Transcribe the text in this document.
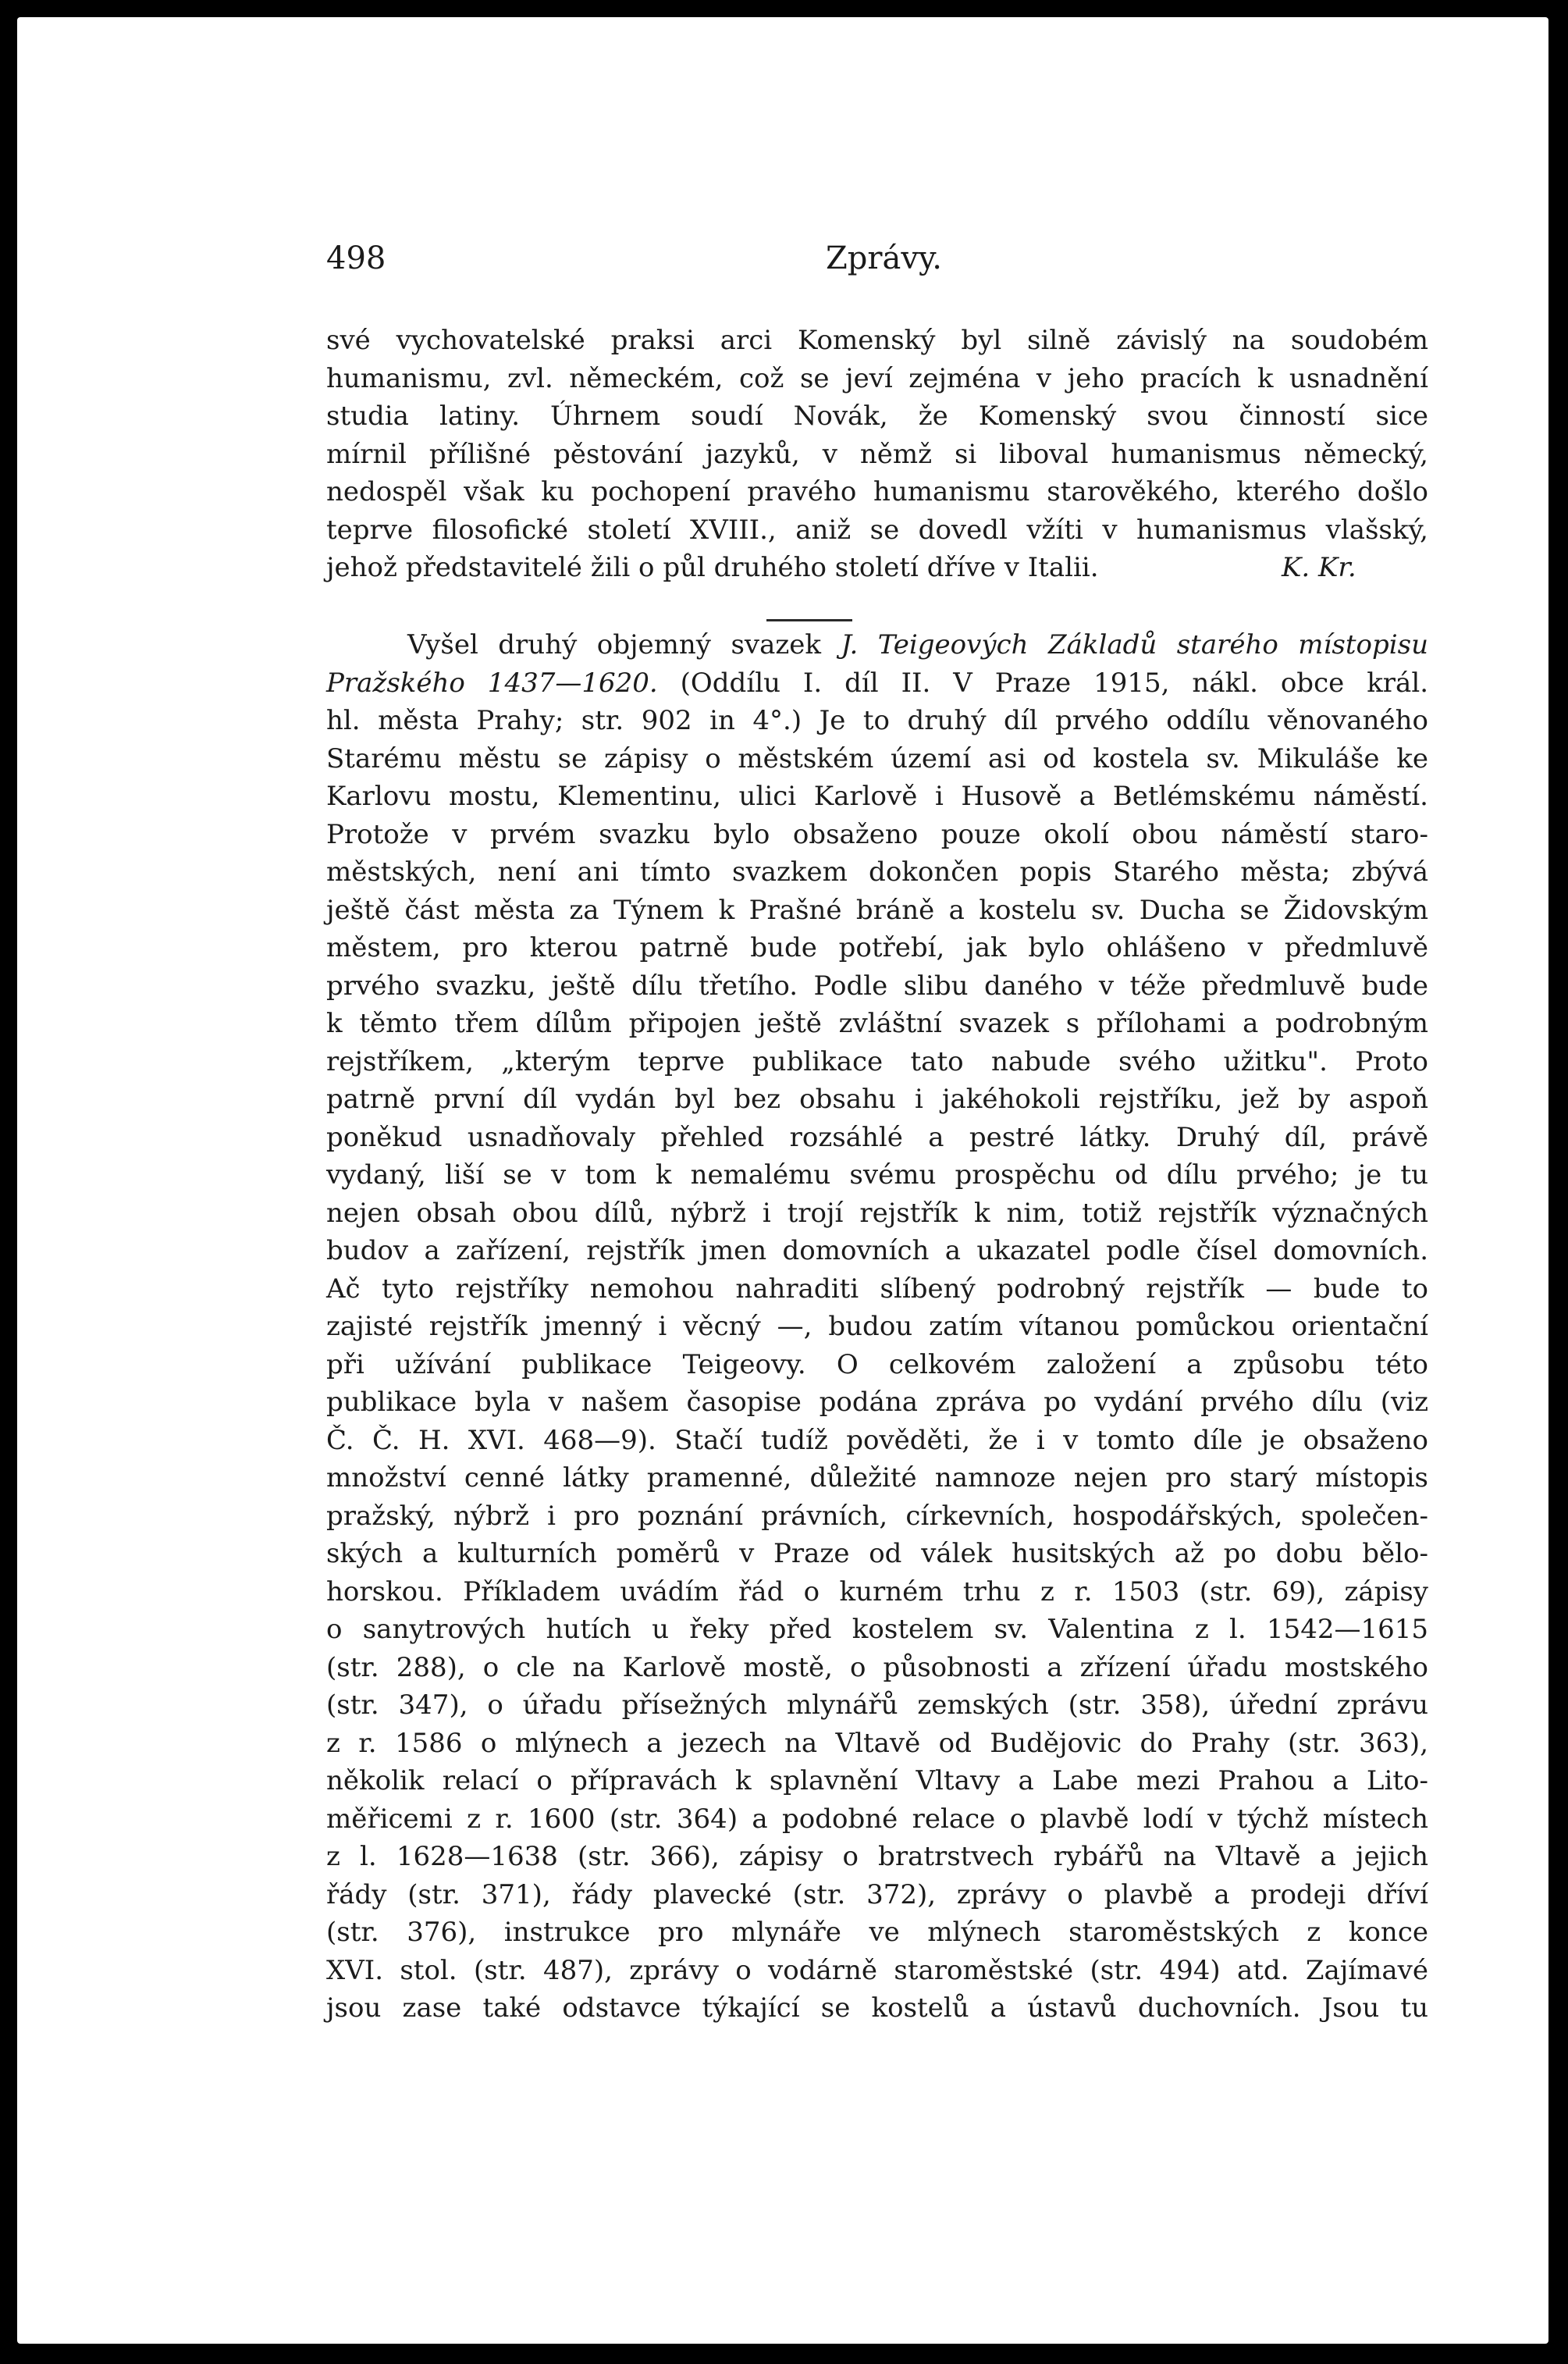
498	Zprávy.

své vychovatelské praksi arci Komenský byl silně závislý na soudobém
humanismu, zvl. německém, což se jeví zejména v jeho pracích k usnadnění
studia latiny. Úhrnem soudí Novák, že Komenský svou činností sice
mírnil přílišné pěstování jazyků, v němž si liboval humanismus německý,
nedospěl však ku pochopení pravého humanismu starověkého, kterého došlo
teprve filosofické století XVIII., aniž se dovedl vžíti v humanismus vlašský,
jehož představitelé žili o půl druhého století dříve v Italii.	K. Kr.
Vyšel druhý objemný svazek J. Teigeových Základů starého místopisu
Pražského 1437—1620. (Oddílu I. díl II. V Praze 1915, nákl. obce král.
hl. města Prahy; str. 902 in 4°.) Je to druhý díl prvého oddílu věnovaného
Starému městu se zápisy o městském území asi od kostela sv. Mikuláše ke
Karlovu mostu, Klementinu, ulici Karlově i Husově a Betlémskému náměstí.
Protože v prvém svazku bylo obsaženo pouze okolí obou náměstí staro-
městských, není ani tímto svazkem dokončen popis Starého města; zbývá
ještě část města za Týnem k Prašné bráně a kostelu sv. Ducha se Židovským
městem, pro kterou patrně bude potřebí, jak bylo ohlášeno v předmluvě
prvého svazku, ještě dílu třetího. Podle slibu daného v téže předmluvě bude
k těmto třem dílům připojen ještě zvláštní svazek s přílohami a podrobným
rejstříkem, „kterým teprve publikace tato nabude svého užitku". Proto
patrně první díl vydán byl bez obsahu i jakéhokoli rejstříku, jež by aspoň
poněkud usnadňovaly přehled rozsáhlé a pestré látky. Druhý díl, právě
vydaný, liší se v tom k nemalému svému prospěchu od dílu prvého; je tu
nejen obsah obou dílů, nýbrž i trojí rejstřík k nim, totiž rejstřík význačných
budov a zařízení, rejstřík jmen domovních a ukazatel podle čísel domovních.
Ač tyto rejstříky nemohou nahraditi slíbený podrobný rejstřík — bude to
zajisté rejstřík jmenný i věcný —, budou zatím vítanou pomůckou orientační
při užívání publikace Teigeovy. O celkovém založení a způsobu této
publikace byla v našem časopise podána zpráva po vydání prvého dílu (viz
Č. Č. H. XVI. 468—9). Stačí tudíž pověděti, že i v tomto díle je obsaženo
množství cenné látky pramenné, důležité namnoze nejen pro starý místopis
pražský, nýbrž i pro poznání právních, církevních, hospodářských, společen-
ských a kulturních poměrů v Praze od válek husitských až po dobu bělo-
horskou. Příkladem uvádím řád o kurném trhu z r. 1503 (str. 69), zápisy
o sanytrových hutích u řeky před kostelem sv. Valentina z l. 1542—1615
(str. 288), o cle na Karlově mostě, o působnosti a zřízení úřadu mostského
(str. 347), o úřadu přísežných mlynářů zemských (str. 358), úřední zprávu
z r. 1586 o mlýnech a jezech na Vltavě od Budějovic do Prahy (str. 363),
několik relací o přípravách k splavnění Vltavy a Labe mezi Prahou a Lito-
měřicemi z r. 1600 (str. 364) a podobné relace o plavbě lodí v týchž místech
z l. 1628—1638 (str. 366), zápisy o bratrstvech rybářů na Vltavě a jejich
řády (str. 371), řády plavecké (str. 372), zprávy o plavbě a prodeji dříví
(str. 376), instrukce pro mlynáře ve mlýnech staroměstských z konce
XVI. stol. (str. 487), zprávy o vodárně staroměstské (str. 494) atd. Zajímavé
jsou zase také odstavce týkající se kostelů a ústavů duchovních. Jsou tu
